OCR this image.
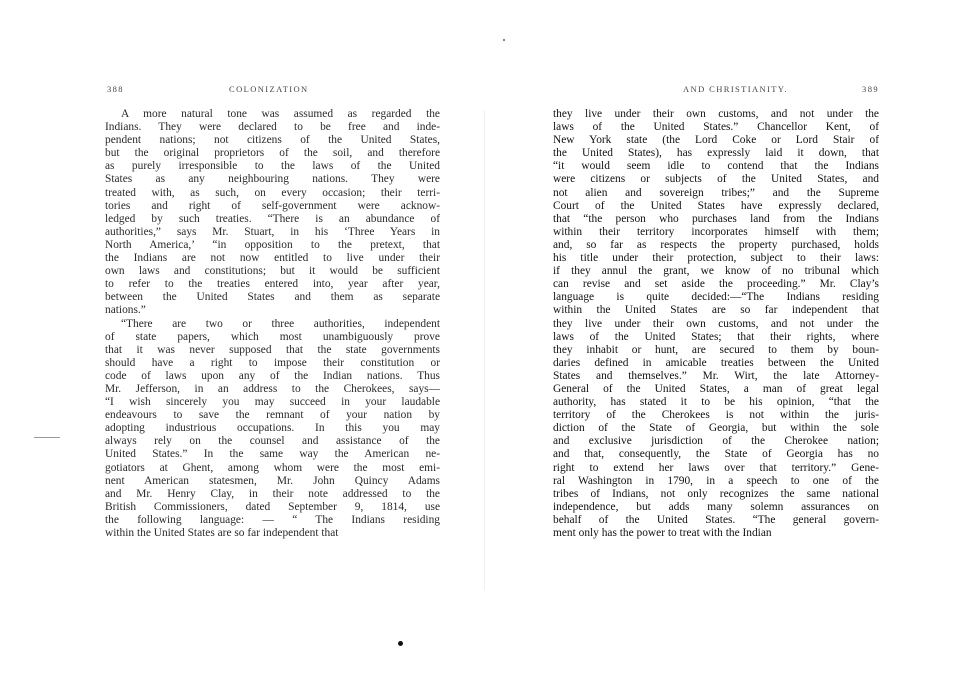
388	COLONIZATION
A more natural tone was assumed as regarded the
Indians. They were declared to be free and inde-
pendent nations; not citizens of the United States,
but the original proprietors of the soil, and therefore
as purely irresponsible to the laws of the United
States as any neighbouring nations. They were
treated with, as such, on every occasion; their terri-
tories and right of self-government were acknow-
ledged by such treaties. “There is an abundance of
authorities,” says Mr. Stuart, in his ‘Three Years in
North America,’ “in opposition to the pretext, that
the Indians are not now entitled to live under their
own laws and constitutions; but it would be sufficient
to refer to the treaties entered into, year after year,
between the United States and them as separate
nations.”
“There are two or three authorities, independent
of state papers, which most unambiguously prove
that it was never supposed that the state governments
should have a right to impose their constitution or
code of laws upon any of the Indian nations. Thus
Mr. Jefferson, in an address to the Cherokees, says—
“I wish sincerely you may succeed in your laudable
endeavours to save the remnant of your nation by
adopting industrious occupations. In this you may
always rely on the counsel and assistance of the
United States.” In the same way the American ne-
gotiators at Ghent, among whom were the most emi-
nent American statesmen, Mr. John Quincy Adams
and Mr. Henry Clay, in their note addressed to the
British Commissioners, dated September 9, 1814, use
the following language: — “ The Indians residing
within the United States are so far independent that
AND CHRISTIANITY.	389
they live under their own customs, and not under the
laws of the United States.” Chancellor Kent, of
New York state (the Lord Coke or Lord Stair of
the United States), has expressly laid it down, that
“it would seem idle to contend that the Indians
were citizens or subjects of the United States, and
not alien and sovereign tribes;” and the Supreme
Court of the United States have expressly declared,
that “the person who purchases land from the Indians
within their territory incorporates himself with them;
and, so far as respects the property purchased, holds
his title under their protection, subject to their laws:
if they annul the grant, we know of no tribunal which
can revise and set aside the proceeding.” Mr. Clay’s
language is quite decided:—“The Indians residing
within the United States are so far independent that
they live under their own customs, and not under the
laws of the United States; that their rights, where
they inhabit or hunt, are secured to them by boun-
daries defined in amicable treaties between the United
States and themselves.” Mr. Wirt, the late Attorney-
General of the United States, a man of great legal
authority, has stated it to be his opinion, “that the
territory of the Cherokees is not within the juris-
diction of the State of Georgia, but within the sole
and exclusive jurisdiction of the Cherokee nation;
and that, consequently, the State of Georgia has no
right to extend her laws over that territory.” Gene-
ral Washington in 1790, in a speech to one of the
tribes of Indians, not only recognizes the same national
independence, but adds many solemn assurances on
behalf of the United States. “The general govern-
ment only has the power to treat with the Indian
